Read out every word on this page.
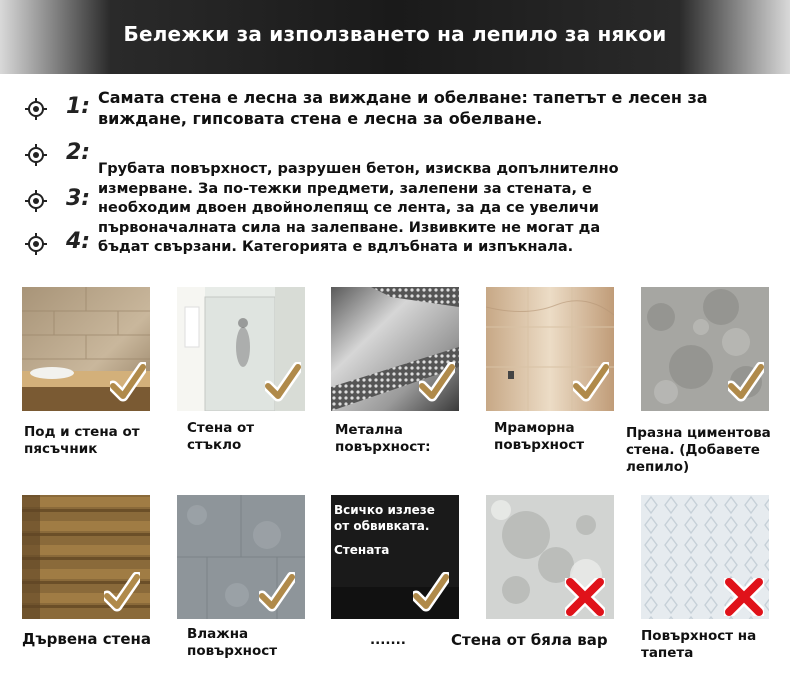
Бележки за използването на лепило за някои
1:
2:
3:
4:
Самата стена е лесна за виждане и обелване: тапетът е лесен за
виждане, гипсовата стена е лесна за обелване.
Грубата повърхност, разрушен бетон, изисква допълнително
измерване. За по-тежки предмети, залепени за стената, е
необходим двоен двойнолепящ се лента, за да се увеличи
първоначалната сила на залепване. Извивките не могат да
бъдат свързани. Категорията е вдлъбната и изпъкнала.
Под и стена от
пясъчник
Стена от
стъкло
Метална
повърхност:
Мраморна
повърхност
Празна циментова
стена. (Добавете
лепило)
Всичко излезе
от обвивката.
Стената
Дървена стена	Влажна
повърхност
.......	Стена от бяла вар Повърхност на
тапета
